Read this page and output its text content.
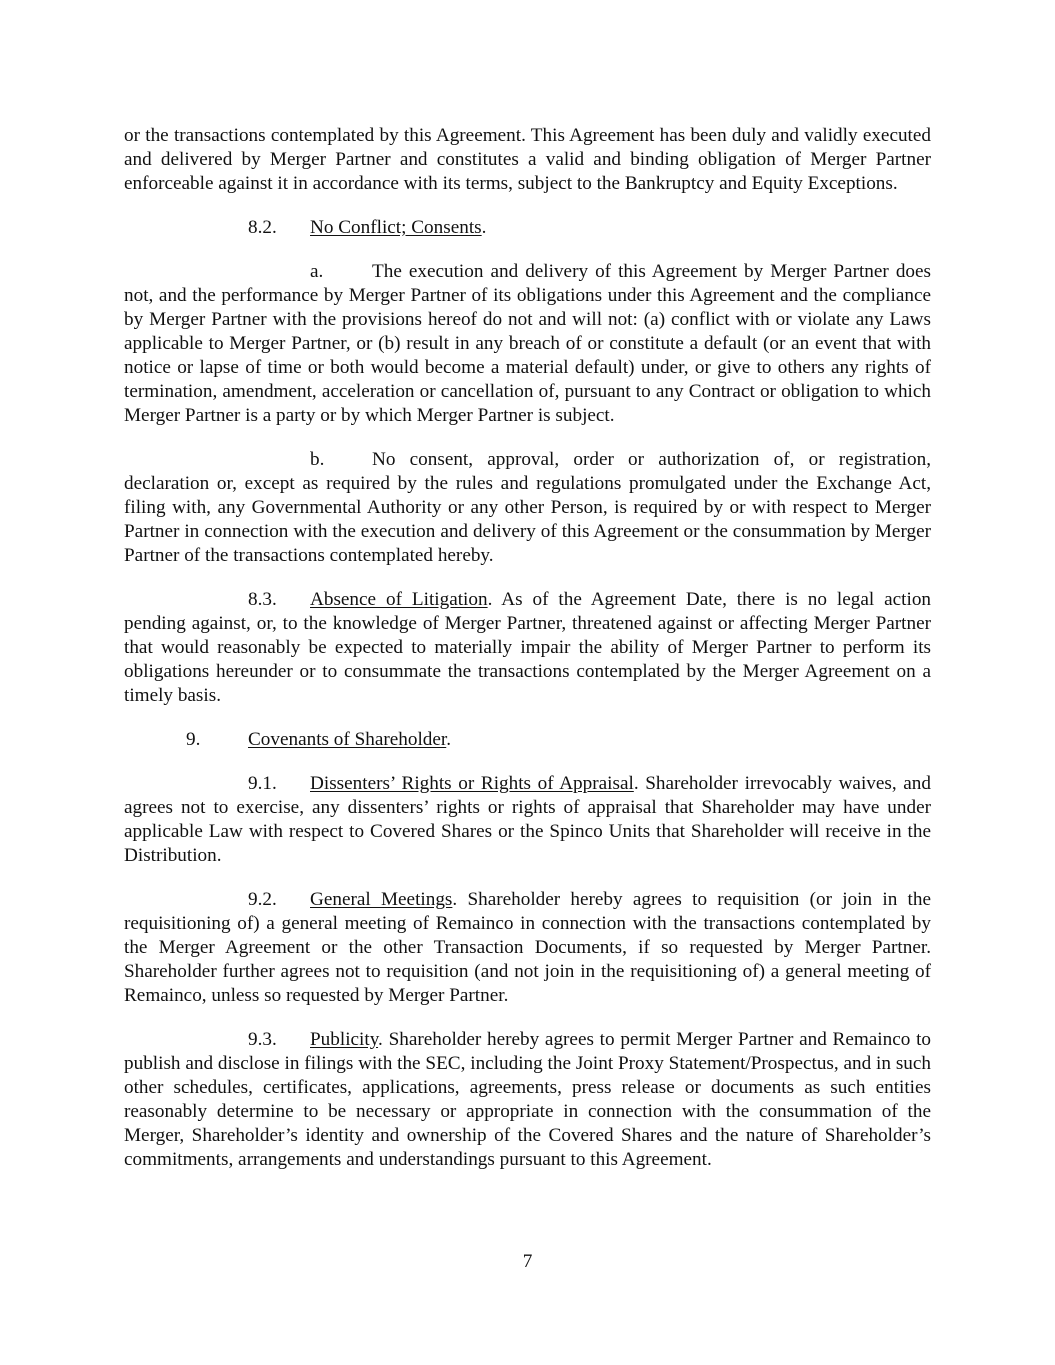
or the transactions contemplated by this Agreement. This Agreement has been duly and validly executed and delivered by Merger Partner and constitutes a valid and binding obligation of Merger Partner enforceable against it in accordance with its terms, subject to the Bankruptcy and Equity Exceptions.

8.2. No Conflict; Consents.

a.	The execution and delivery of this Agreement by Merger Partner does not, and the performance by Merger Partner of its obligations under this Agreement and the compliance by Merger Partner with the provisions hereof do not and will not: (a) conflict with or violate any Laws applicable to Merger Partner, or (b) result in any breach of or constitute a default (or an event that with notice or lapse of time or both would become a material default) under, or give to others any rights of termination, amendment, acceleration or cancellation of, pursuant to any Contract or obligation to which Merger Partner is a party or by which Merger Partner is subject.

b. No consent, approval, order or authorization of, or registration, declaration or, except as required by the rules and regulations promulgated under the Exchange Act, filing with, any Governmental Authority or any other Person, is required by or with respect to Merger Partner in connection with the execution and delivery of this Agreement or the consummation by Merger Partner of the transactions contemplated hereby.

8.3. Absence of Litigation. As of the Agreement Date, there is no legal action pending against, or, to the knowledge of Merger Partner, threatened against or affecting Merger Partner that would reasonably be expected to materially impair the ability of Merger Partner to perform its obligations hereunder or to consummate the transactions contemplated by the Merger Agreement on a timely basis.

9. Covenants of Shareholder.

9.1. Dissenters’ Rights or Rights of Appraisal. Shareholder irrevocably waives, and agrees not to exercise, any dissenters’ rights or rights of appraisal that Shareholder may have under applicable Law with respect to Covered Shares or the Spinco Units that Shareholder will receive in the Distribution.

9.2. General Meetings. Shareholder hereby agrees to requisition (or join in the requisitioning of) a general meeting of Remainco in connection with the transactions contemplated by the Merger Agreement or the other Transaction Documents, if so requested by Merger Partner. Shareholder further agrees not to requisition (and not join in the requisitioning of) a general meeting of Remainco, unless so requested by Merger Partner.

9.3. Publicity. Shareholder hereby agrees to permit Merger Partner and Remainco to publish and disclose in filings with the SEC, including the Joint Proxy Statement/Prospectus, and in such other schedules, certificates, applications, agreements, press release or documents as such entities reasonably determine to be necessary or appropriate in connection with the consummation of the Merger, Shareholder’s identity and ownership of the Covered Shares and the nature of Shareholder’s commitments, arrangements and understandings pursuant to this Agreement.

7
